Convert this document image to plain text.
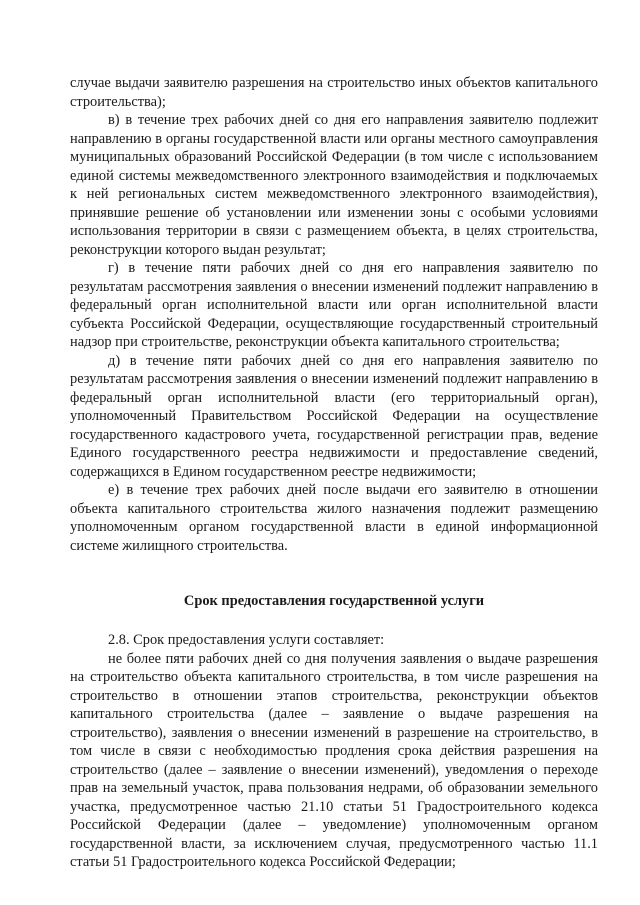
случае выдачи заявителю разрешения на строительство иных объектов капитального строительства);

в) в течение трех рабочих дней со дня его направления заявителю подлежит направлению в органы государственной власти или органы местного самоуправления муниципальных образований Российской Федерации (в том числе с использованием единой системы межведомственного электронного взаимодействия и подключаемых к ней региональных систем межведомственного электронного взаимодействия), принявшие решение об установлении или изменении зоны с особыми условиями использования территории в связи с размещением объекта, в целях строительства, реконструкции которого выдан результат;

г) в течение пяти рабочих дней со дня его направления заявителю по результатам рассмотрения заявления о внесении изменений подлежит направлению в федеральный орган исполнительной власти или орган исполнительной власти субъекта Российской Федерации, осуществляющие государственный строительный надзор при строительстве, реконструкции объекта капитального строительства;

д) в течение пяти рабочих дней со дня его направления заявителю по результатам рассмотрения заявления о внесении изменений подлежит направлению в федеральный орган исполнительной власти (его территориальный орган), уполномоченный Правительством Российской Федерации на осуществление государственного кадастрового учета, государственной регистрации прав, ведение Единого государственного реестра недвижимости и предоставление сведений, содержащихся в Едином государственном реестре недвижимости;

е) в течение трех рабочих дней после выдачи его заявителю в отношении объекта капитального строительства жилого назначения подлежит размещению уполномоченным органом государственной власти в единой информационной системе жилищного строительства.

Срок предоставления государственной услуги

2.8. Срок предоставления услуги составляет:

не более пяти рабочих дней со дня получения заявления о выдаче разрешения на строительство объекта капитального строительства, в том числе разрешения на строительство в отношении этапов строительства, реконструкции объектов капитального строительства (далее – заявление о выдаче разрешения на строительство), заявления о внесении изменений в разрешение на строительство, в том числе в связи с необходимостью продления срока действия разрешения на строительство (далее – заявление о внесении изменений), уведомления о переходе прав на земельный участок, права пользования недрами, об образовании земельного участка, предусмотренное частью 21.10 статьи 51 Градостроительного кодекса Российской Федерации (далее – уведомление) уполномоченным органом государственной власти, за исключением случая, предусмотренного частью 11.1 статьи 51 Градостроительного кодекса Российской Федерации;
